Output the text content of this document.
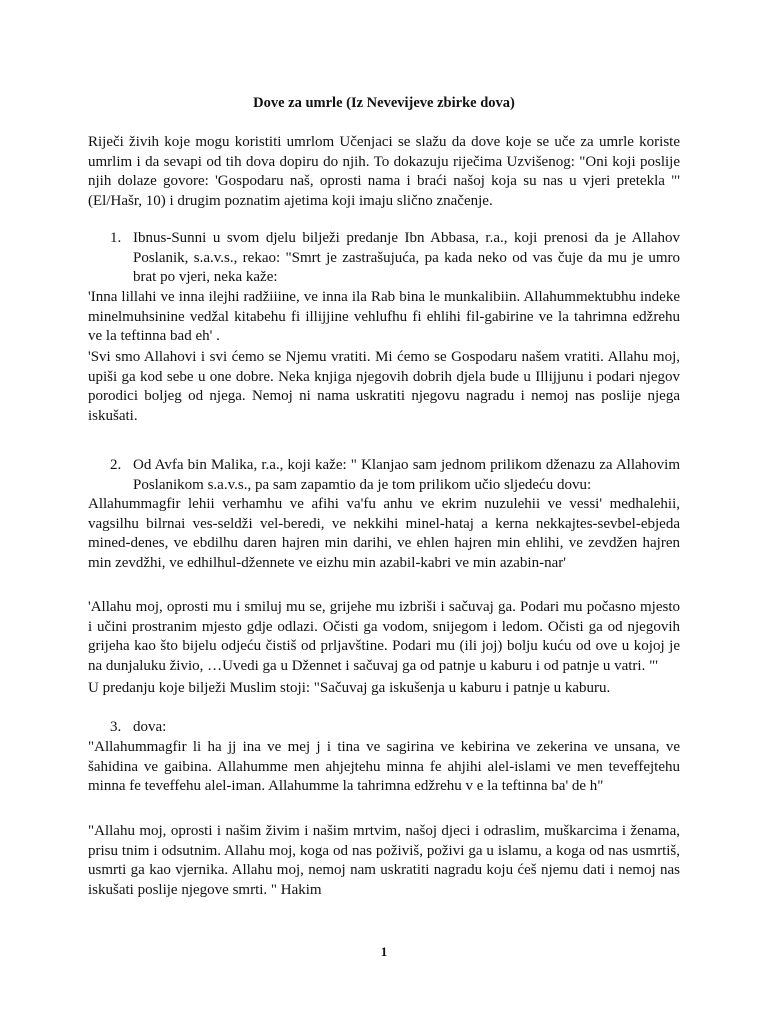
Dove za umrle (Iz Nevevijeve zbirke dova)
Riječi živih koje mogu koristiti umrlom Učenjaci se slažu da dove koje se uče za umrle koriste umrlim i da sevapi od tih dova dopiru do njih. To dokazuju riječima Uzvišenog: "Oni koji poslije njih dolaze govore: 'Gospodaru naš, oprosti nama i braći našoj koja su nas u vjeri pretekla "' (El/Hašr, 10) i drugim poznatim ajetima koji imaju slično značenje.
1. Ibnus-Sunni u svom djelu bilježi predanje Ibn Abbasa, r.a., koji prenosi da je Allahov Poslanik, s.a.v.s., rekao: "Smrt je zastrašujuća, pa kada neko od vas čuje da mu je umro brat po vjeri, neka kaže:
'Inna lillahi ve inna ilejhi radžiiine, ve inna ila Rab bina le munkalibiin. Allahummektubhu indeke minelmuhsinine vedžal kitabehu fi illijjine vehlufhu fi ehlihi fil-gabirine ve la tahrimna edžrehu ve la teftinna bad eh' .
'Svi smo Allahovi i svi ćemo se Njemu vratiti. Mi ćemo se Gospodaru našem vratiti. Allahu moj, upiši ga kod sebe u one dobre. Neka knjiga njegovih dobrih djela bude u Illijjunu i podari njegov porodici boljeg od njega. Nemoj ni nama uskratiti njegovu nagradu i nemoj nas poslije njega iskušati.
2. Od Avfa bin Malika, r.a., koji kaže: " Klanjao sam jednom prilikom dženazu za Allahovim Poslanikom s.a.v.s., pa sam zapamtio da je tom prilikom učio sljedeću dovu:
Allahummagfir lehii verhamhu ve afihi va'fu anhu ve ekrim nuzulehii ve vessi' medhalehii, vagsilhu bilrnai ves-seldži vel-beredi, ve nekkihi minel-hataj a kerna nekkajtes-sevbel-ebjeda mined-denes, ve ebdilhu daren hajren min darihi, ve ehlen hajren min ehlihi, ve zevdžen hajren min zevdžhi, ve edhilhul-džennete ve eizhu min azabil-kabri ve min azabin-nar'
'Allahu moj, oprosti mu i smiluj mu se, grijehe mu izbriši i sačuvaj ga. Podari mu počasno mjesto i učini prostranim mjesto gdje odlazi. Očisti ga vodom, snijegom i ledom. Očisti ga od njegovih grijeha kao što bijelu odjeću čistiš od prljavštine. Podari mu (ili joj) bolju kuću od ove u kojoj je na dunjaluku živio, …Uvedi ga u Džennet i sačuvaj ga od patnje u kaburu i od patnje u vatri. "'
U predanju koje bilježi Muslim stoji: "Sačuvaj ga iskušenja u kaburu i patnje u kaburu.
3. dova:
"Allahummagfir li ha jj ina ve mej j i tina ve sagirina ve kebirina ve zekerina ve unsana, ve šahidina ve gaibina. Allahumme men ahjejtehu minna fe ahjihi alel-islami ve men teveffejtehu minna fe teveffehu alel-iman. Allahumme la tahrimna edžrehu v e la teftinna ba' de h"
"Allahu moj, oprosti i našim živim i našim mrtvim, našoj djeci i odraslim, muškarcima i ženama, prisu tnim i odsutnim. Allahu moj, koga od nas poživiš, poživi ga u islamu, a koga od nas usmrtiš, usmrti ga kao vjernika. Allahu moj, nemoj nam uskratiti nagradu koju ćeš njemu dati i nemoj nas iskušati poslije njegove smrti. " Hakim
1
